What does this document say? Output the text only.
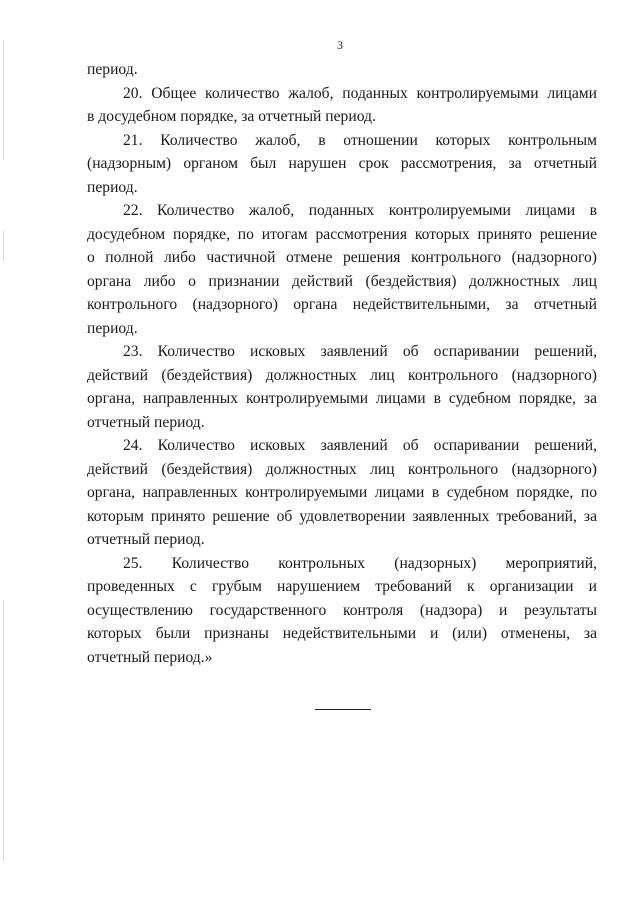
3
период.
20. Общее количество жалоб, поданных контролируемыми лицами
в досудебном порядке, за отчетный период.
21. Количество жалоб, в отношении которых контрольным
(надзорным) органом был нарушен срок рассмотрения, за отчетный
период.
22. Количество жалоб, поданных контролируемыми лицами в
досудебном порядке, по итогам рассмотрения которых принято решение
о полной либо частичной отмене решения контрольного (надзорного)
органа либо о признании действий (бездействия) должностных лиц
контрольного (надзорного) органа недействительными, за отчетный
период.
23. Количество исковых заявлений об оспаривании решений,
действий (бездействия) должностных лиц контрольного (надзорного)
органа, направленных контролируемыми лицами в судебном порядке, за
отчетный период.
24. Количество исковых заявлений об оспаривании решений,
действий (бездействия) должностных лиц контрольного (надзорного)
органа, направленных контролируемыми лицами в судебном порядке, по
которым принято решение об удовлетворении заявленных требований, за
отчетный период.
25. Количество контрольных (надзорных) мероприятий,
проведенных с грубым нарушением требований к организации и
осуществлению государственного контроля (надзора) и результаты
которых были признаны недействительными и (или) отменены, за
отчетный период.»
